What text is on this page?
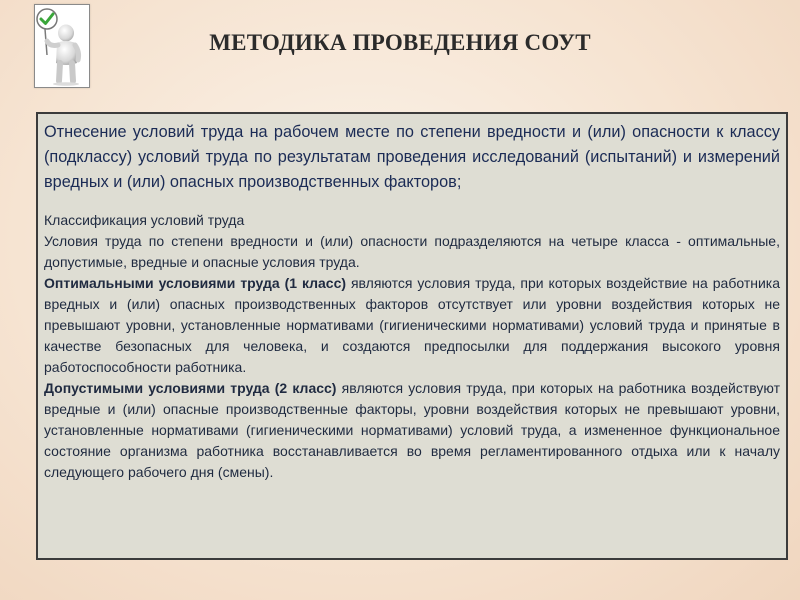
МЕТОДИКА ПРОВЕДЕНИЯ СОУТ

Отнесение условий труда на рабочем месте по степени вредности и (или) опасности к классу (подклассу) условий труда по результатам проведения исследований (испытаний) и измерений вредных и (или) опасных производственных факторов;

Классификация условий труда

Условия труда по степени вредности и (или) опасности подразделяются на четыре класса - оптимальные, допустимые, вредные и опасные условия труда.

Оптимальными условиями труда (1 класс) являются условия труда, при которых воздействие на работника вредных и (или) опасных производственных факторов отсутствует или уровни воздействия которых не превышают уровни, установленные нормативами (гигиеническими нормативами) условий труда и принятые в качестве безопасных для человека, и создаются предпосылки для поддержания высокого уровня работоспособности работника.

Допустимыми условиями труда (2 класс) являются условия труда, при которых на работника воздействуют вредные и (или) опасные производственные факторы, уровни воздействия которых не превышают уровни, установленные нормативами (гигиеническими нормативами) условий труда, а измененное функциональное состояние организма работника восстанавливается во время регламентированного отдыха или к началу следующего рабочего дня (смены).
